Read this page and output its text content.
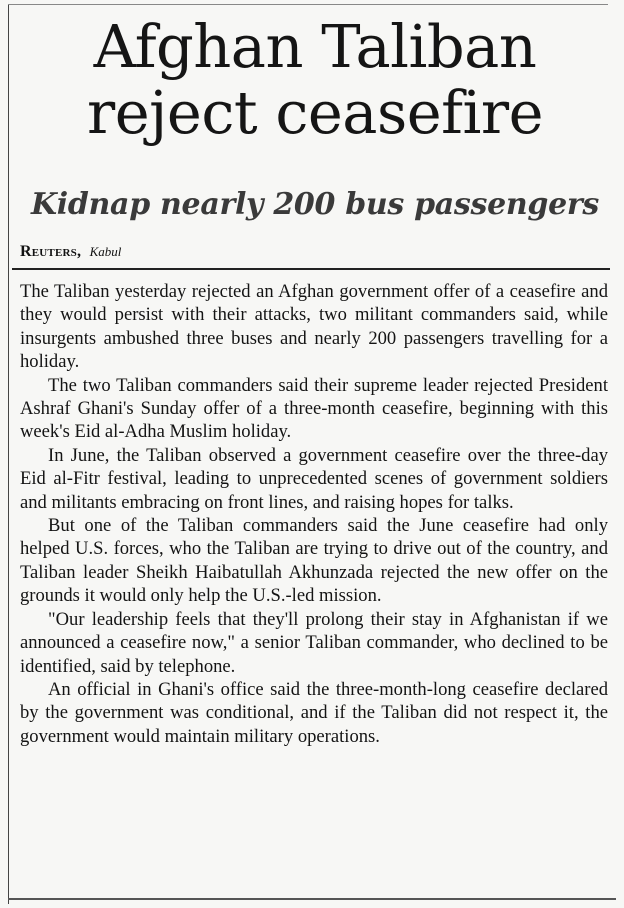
Afghan Taliban
reject ceasefire
Kidnap nearly 200 bus passengers
Reuters, Kabul

The Taliban yesterday rejected an Afghan government offer of a ceasefire and they would persist with their attacks, two militant commanders said, while insurgents ambushed three buses and nearly 200 passengers travelling for a holiday.

The two Taliban commanders said their supreme leader rejected President Ashraf Ghani's Sunday offer of a three-month ceasefire, beginning with this week's Eid al-Adha Muslim holiday.

In June, the Taliban observed a government ceasefire over the three-day Eid al-Fitr festival, leading to unprecedented scenes of government soldiers and militants embracing on front lines, and raising hopes for talks.

But one of the Taliban commanders said the June ceasefire had only helped U.S. forces, who the Taliban are trying to drive out of the country, and Taliban leader Sheikh Haibatullah Akhunzada rejected the new offer on the grounds it would only help the U.S.-led mission.

"Our leadership feels that they'll prolong their stay in Afghanistan if we announced a ceasefire now," a senior Taliban commander, who declined to be identified, said by telephone.

An official in Ghani's office said the three-month-long ceasefire declared by the government was conditional, and if the Taliban did not respect it, the government would maintain military operations.
